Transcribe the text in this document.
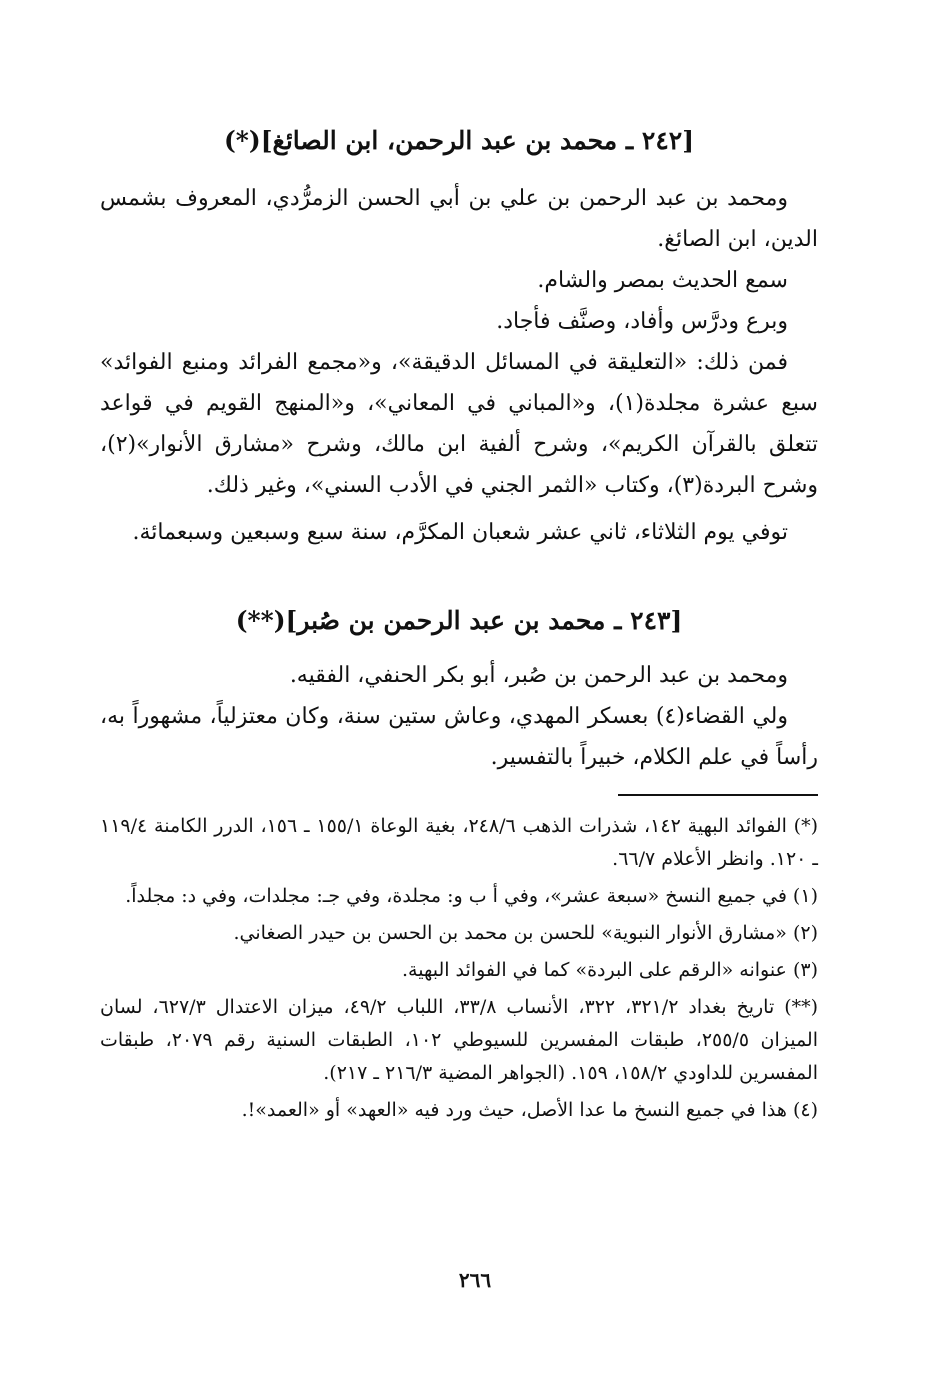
[٢٤٢ ـ محمد بن عبد الرحمن، ابن الصائغ](*)

ومحمد بن عبد الرحمن بن علي بن أبي الحسن الزمرُّدي، المعروف بشمس الدين، ابن الصائغ.

سمع الحديث بمصر والشام.

وبرع ودرَّس وأفاد، وصنَّف فأجاد.

فمن ذلك: «التعليقة في المسائل الدقيقة»، و«مجمع الفرائد ومنبع الفوائد» سبع عشرة مجلدة(١)، و«المباني في المعاني»، و«المنهج القويم في قواعد تتعلق بالقرآن الكريم»، وشرح ألفية ابن مالك، وشرح «مشارق الأنوار»(٢)، وشرح البردة(٣)، وكتاب «الثمر الجني في الأدب السني»، وغير ذلك.

توفي يوم الثلاثاء، ثاني عشر شعبان المكرَّم، سنة سبع وسبعين وسبعمائة.

[٢٤٣ ـ محمد بن عبد الرحمن بن صُبر](**)

ومحمد بن عبد الرحمن بن صُبر، أبو بكر الحنفي، الفقيه.

ولي القضاء(٤) بعسكر المهدي، وعاش ستين سنة، وكان معتزلياً، مشهوراً به، رأساً في علم الكلام، خبيراً بالتفسير.

(*) الفوائد البهية ١٤٢، شذرات الذهب ٢٤٨/٦، بغية الوعاة ١٥٥/١ ـ ١٥٦، الدرر الكامنة ١١٩/٤ ـ ١٢٠. وانظر الأعلام ٦٦/٧.

(١) في جميع النسخ «سبعة عشر»، وفي أ ب و: مجلدة، وفي جـ: مجلدات، وفي د: مجلداً.

(٢) «مشارق الأنوار النبوية» للحسن بن محمد بن الحسن بن حيدر الصغاني.

(٣) عنوانه «الرقم على البردة» كما في الفوائد البهية.

(**) تاريخ بغداد ٣٢١/٢، ٣٢٢، الأنساب ٣٣/٨، اللباب ٤٩/٢، ميزان الاعتدال ٦٢٧/٣، لسان الميزان ٢٥٥/٥، طبقات المفسرين للسيوطي ١٠٢، الطبقات السنية رقم ٢٠٧٩، طبقات المفسرين للداودي ١٥٨/٢، ١٥٩. (الجواهر المضية ٢١٦/٣ ـ ٢١٧).

(٤) هذا في جميع النسخ ما عدا الأصل، حيث ورد فيه «العهد» أو «العمد»!.

٢٦٦
